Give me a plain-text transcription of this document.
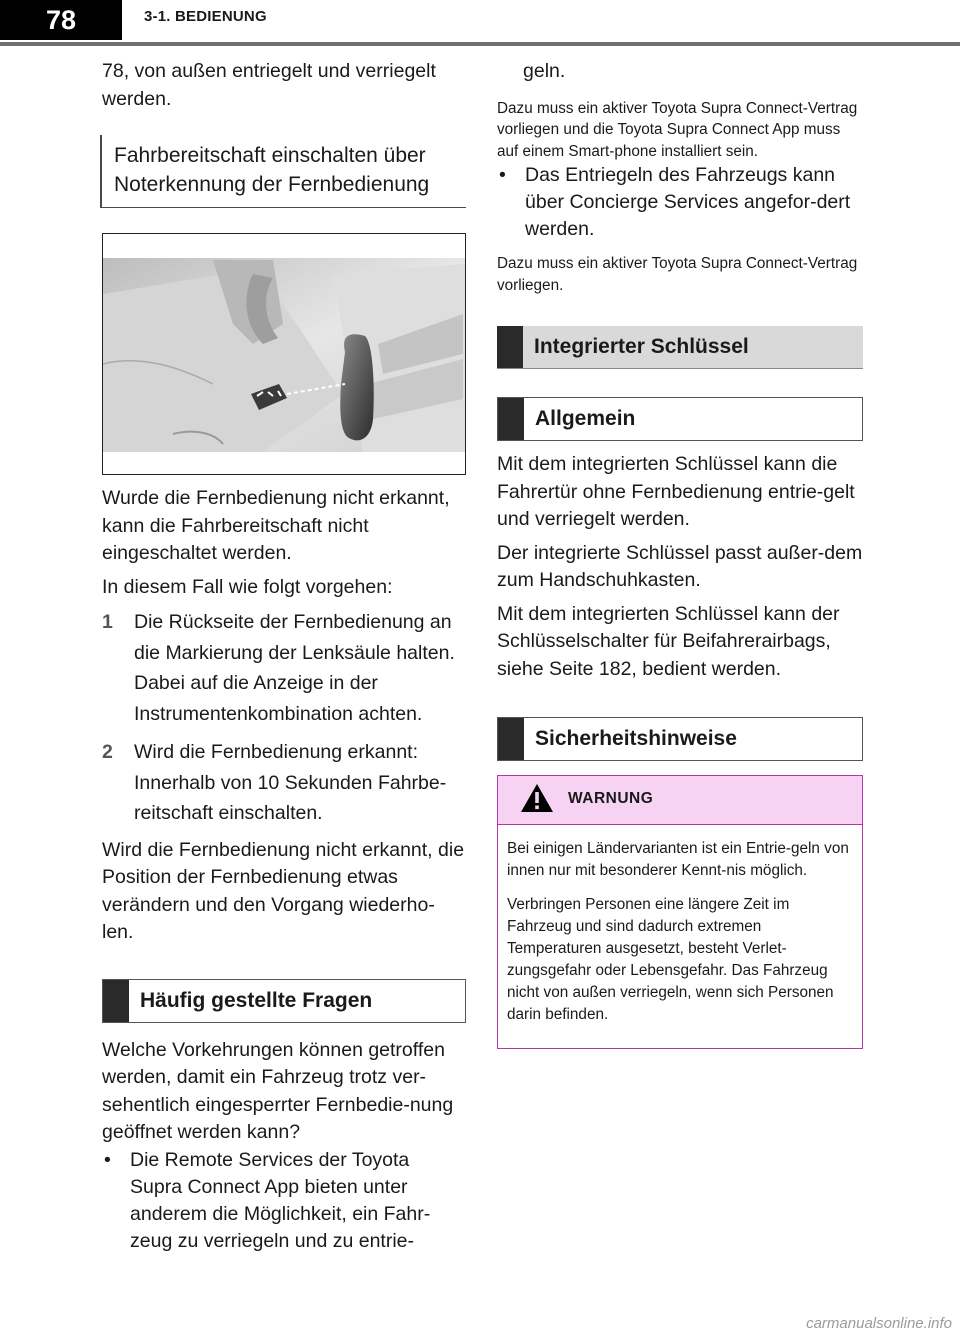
78	3-1. BEDIENUNG

78, von außen entriegelt und verriegelt werden.

Fahrbereitschaft einschalten über Noterkennung der Fernbedienung

Wurde die Fernbedienung nicht erkannt, kann die Fahrbereitschaft nicht eingeschaltet werden.

In diesem Fall wie folgt vorgehen:

1	Die Rückseite der Fernbedienung an die Markierung der Lenksäule halten. Dabei auf die Anzeige in der Instrumentenkombination achten.
2	Wird die Fernbedienung erkannt: Innerhalb von 10 Sekunden Fahrbe-reitschaft einschalten.

Wird die Fernbedienung nicht erkannt, die Position der Fernbedienung etwas verändern und den Vorgang wiederho-len.

Häufig gestellte Fragen

Welche Vorkehrungen können getroffen werden, damit ein Fahrzeug trotz ver-sehentlich eingesperrter Fernbedie-nung geöffnet werden kann?

• Die Remote Services der Toyota Supra Connect App bieten unter anderem die Möglichkeit, ein Fahr-zeug zu verriegeln und zu entrie-

geln.

Dazu muss ein aktiver Toyota Supra Connect-Vertrag vorliegen und die Toyota Supra Connect App muss auf einem Smart-phone installiert sein.

• Das Entriegeln des Fahrzeugs kann über Concierge Services angefor-dert werden.

Dazu muss ein aktiver Toyota Supra Connect-Vertrag vorliegen.

Integrierter Schlüssel
Allgemein

Mit dem integrierten Schlüssel kann die Fahrertür ohne Fernbedienung entrie-gelt und verriegelt werden.

Der integrierte Schlüssel passt außer-dem zum Handschuhkasten.

Mit dem integrierten Schlüssel kann der Schlüsselschalter für Beifahrerairbags, siehe Seite 182, bedient werden.

Sicherheitshinweise
WARNUNG

Bei einigen Ländervarianten ist ein Entrie-geln von innen nur mit besonderer Kennt-nis möglich.

Verbringen Personen eine längere Zeit im Fahrzeug und sind dadurch extremen Temperaturen ausgesetzt, besteht Verlet-zungsgefahr oder Lebensgefahr. Das Fahrzeug nicht von außen verriegeln, wenn sich Personen darin befinden.

carmanualsonline.info
